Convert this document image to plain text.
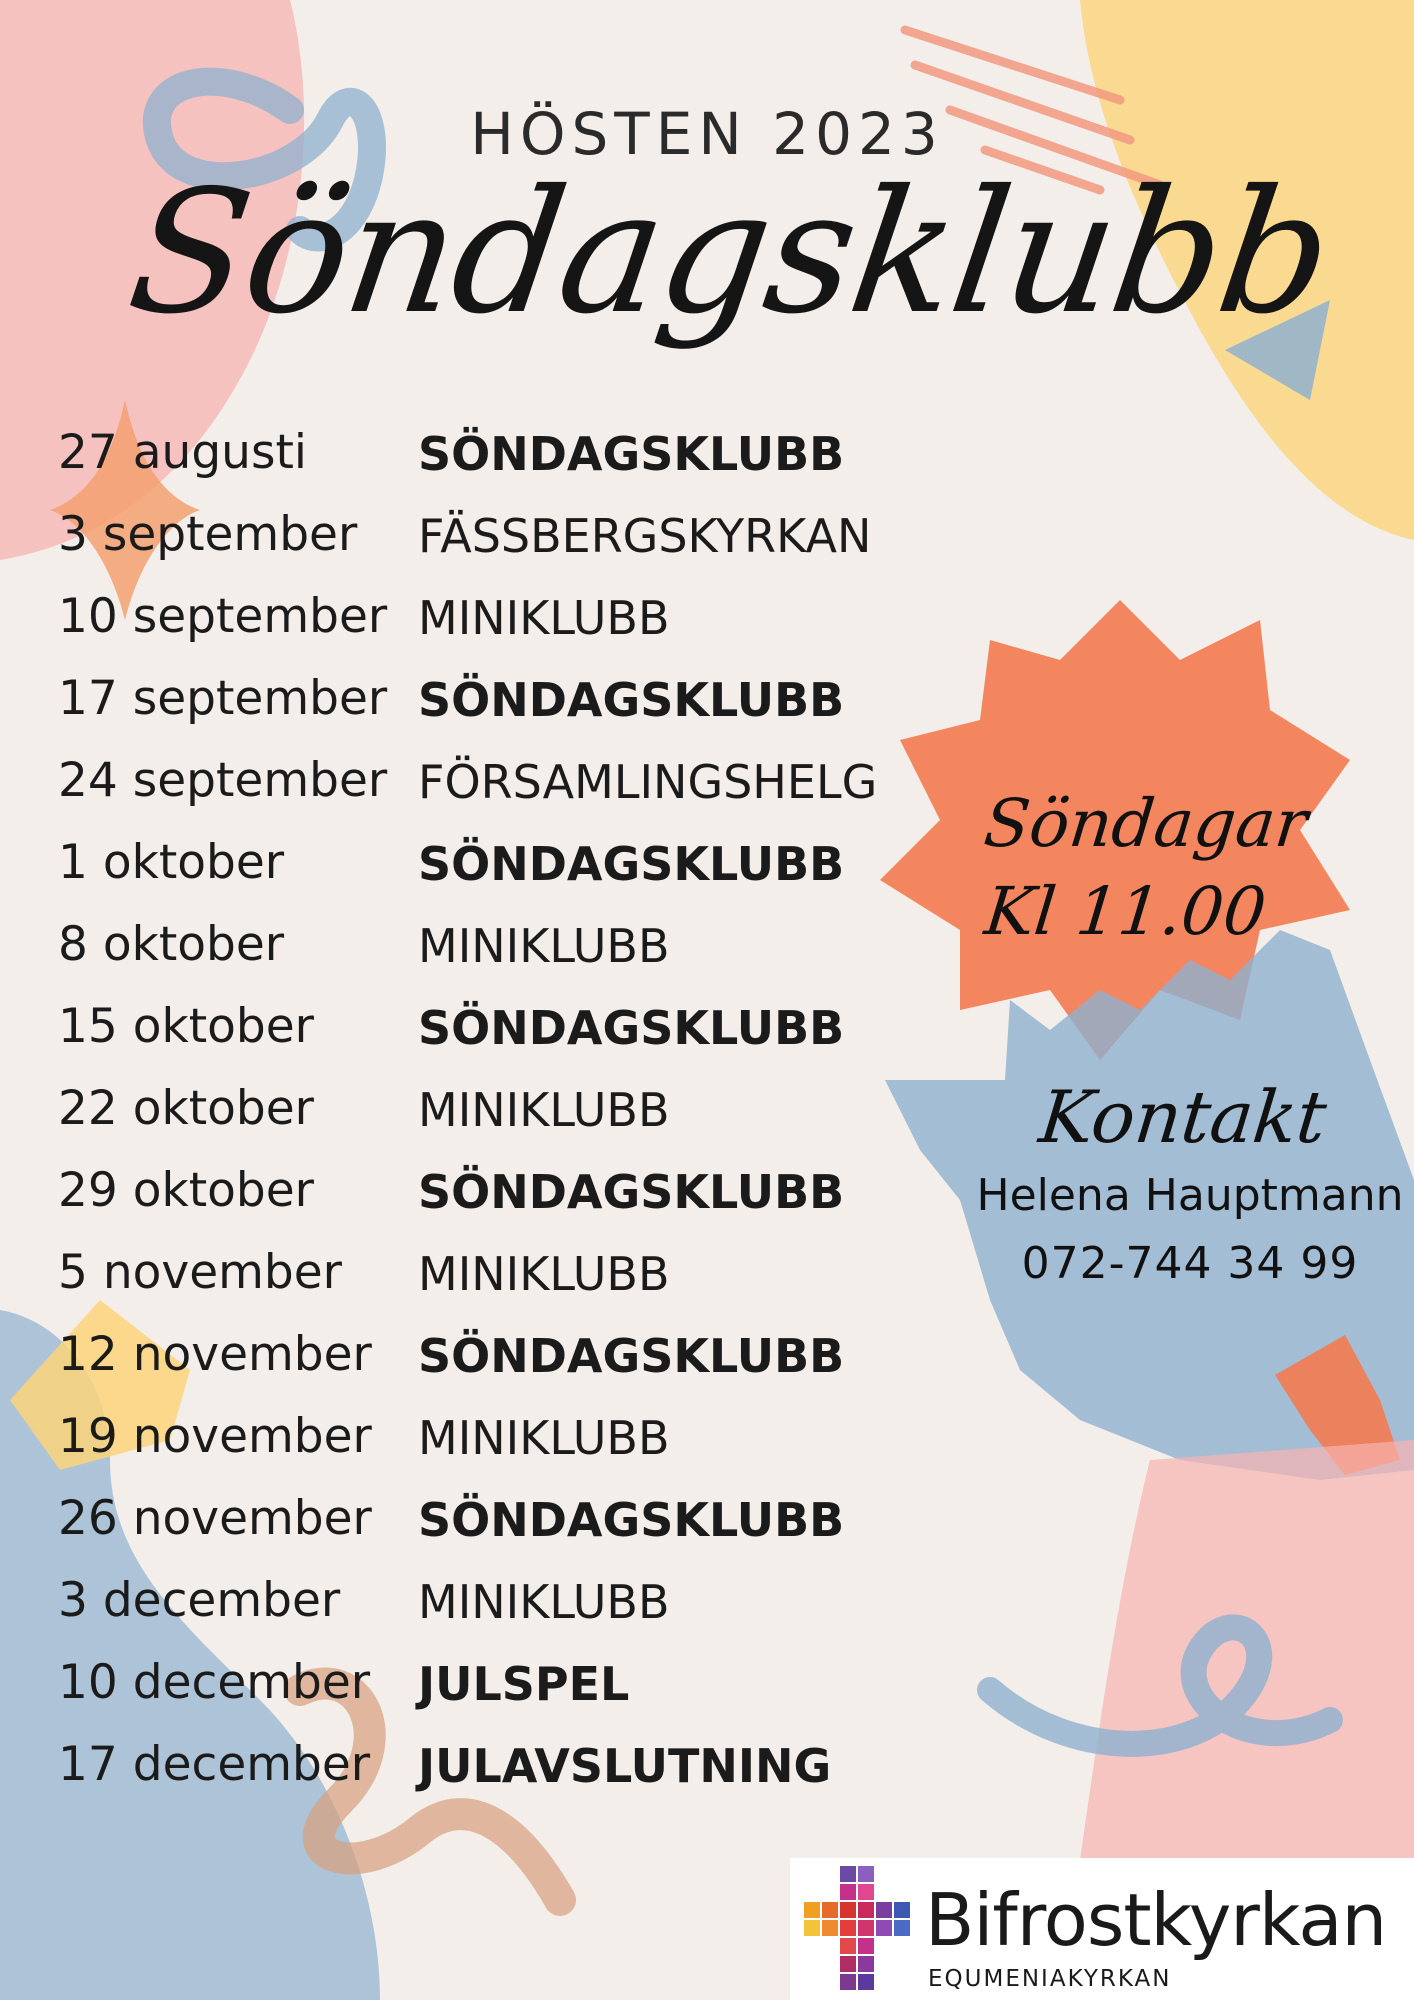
HÖSTEN 2023
Söndagsklubb
27 augusti SÖNDAGSKLUBB
3 september FÄSSBERGSKYRKAN
10 september MINIKLUBB
17 september SÖNDAGSKLUBB
24 september FÖRSAMLINGSHELG
1 oktober	SÖNDAGSKLUBB
8 oktober	MINIKLUBB
15 oktober SÖNDAGSKLUBB
22 oktober MINIKLUBB
29 oktober SÖNDAGSKLUBB
5 november MINIKLUBB
12 november SÖNDAGSKLUBB
19 november MINIKLUBB
26 november SÖNDAGSKLUBB
3 december MINIKLUBB
10 december JULSPEL
17 december JULAVSLUTNING
Söndagar
Kl 11.00
Kontakt
Helena Hauptmann
072-744 34 99
Bifrostkyrkan
EQUMENIAKYRKAN
